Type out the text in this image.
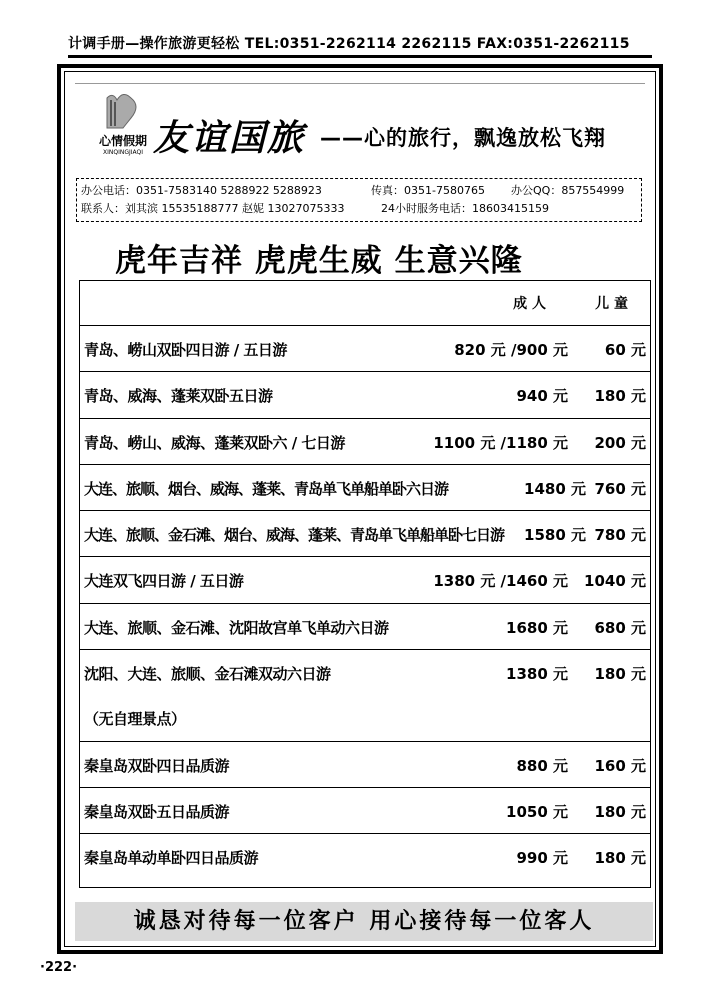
计调手册—操作旅游更轻松 TEL:0351-2262114 2262115 FAX:0351-2262115
心情假期
XINQINGJIAQI 友谊国旅 ——心的旅行，飘逸放松飞翔
办公电话：0351-7583140 5288922 5288923	传真：0351-7580765	办公QQ：857554999
联系人：刘其滨 15535188777 赵妮 13027075333	24小时服务电话：18603415159
虎年吉祥 虎虎生威 生意兴隆
成 人	儿 童
青岛、崂山双卧四日游 / 五日游	820 元 /900 元 60 元
青岛、威海、蓬莱双卧五日游	940 元 180 元
青岛、崂山、威海、蓬莱双卧六 / 七日游	1100 元 /1180 元 200 元
大连、旅顺、烟台、威海、蓬莱、青岛单飞单船单卧六日游	1480 元 760 元
大连、旅顺、金石滩、烟台、威海、蓬莱、青岛单飞单船单卧七日游 1580 元 780 元
大连双飞四日游 / 五日游	1380 元 /1460 元 1040 元
大连、旅顺、金石滩、沈阳故宫单飞单动六日游	1680 元 680 元
沈阳、大连、旅顺、金石滩双动六日游	1380 元 180 元
（无自理景点）
秦皇岛双卧四日品质游	880 元 160 元
秦皇岛双卧五日品质游	1050 元 180 元
秦皇岛单动单卧四日品质游	990 元 180 元
诚恳对待每一位客户 用心接待每一位客人
·222·
